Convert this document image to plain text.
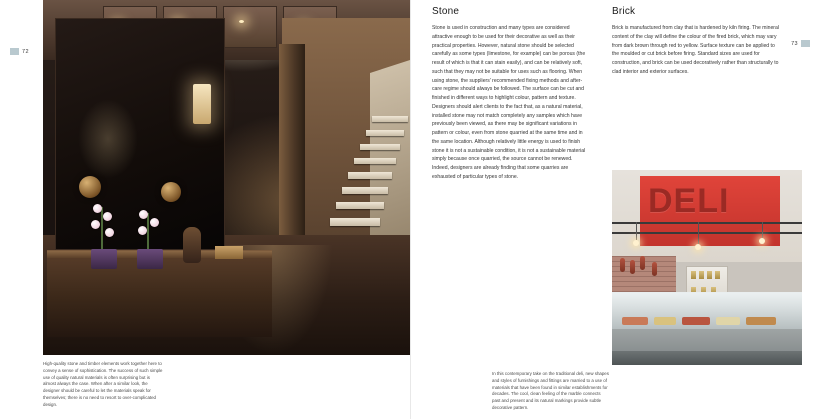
72
High-quality stone and timber elements work together here to convey a sense of sophistication. The success of such simple use of quality natural materials is often surprising but is almost always the case. When after a similar look, the designer should be careful to let the materials speak for themselves; there is no need to resort to over-complicated design.
73
Stone

Stone is used in construction and many types are considered attractive enough to be used for their decorative as well as their practical properties. However, natural stone should be selected carefully as some types (limestone, for example) can be porous (the result of which is that it can stain easily), and can be relatively soft, such that they may not be suitable for uses such as flooring. When using stone, the suppliers' recommended fixing methods and after-care regime should always be followed. The surface can be cut and finished in different ways to highlight colour, pattern and texture. Designers should alert clients to the fact that, as a natural material, installed stone may not match completely any samples which have previously been viewed, as there may be significant variations in pattern or colour, even from stone quarried at the same time and in the same location. Although relatively little energy is used to finish stone it is not a sustainable condition, it is not a sustainable material simply because once quarried, the source cannot be renewed. Indeed, designers are already finding that some quarries are exhausted of particular types of stone.

Brick

Brick is manufactured from clay that is hardened by kiln firing. The mineral content of the clay will define the colour of the fired brick, which may vary from dark brown through red to yellow. Surface texture can be applied to the moulded or cut brick before firing. Standard sizes are used for construction, and brick can be used decoratively rather than structurally to clad interior and exterior surfaces.

DELI
In this contemporary take on the traditional deli, new shapes and styles of furnishings and fittings are married to a use of materials that have been found in similar establishments for decades. The cool, clean feeling of the marble connects past and present and its natural markings provide subtle decorative pattern.
